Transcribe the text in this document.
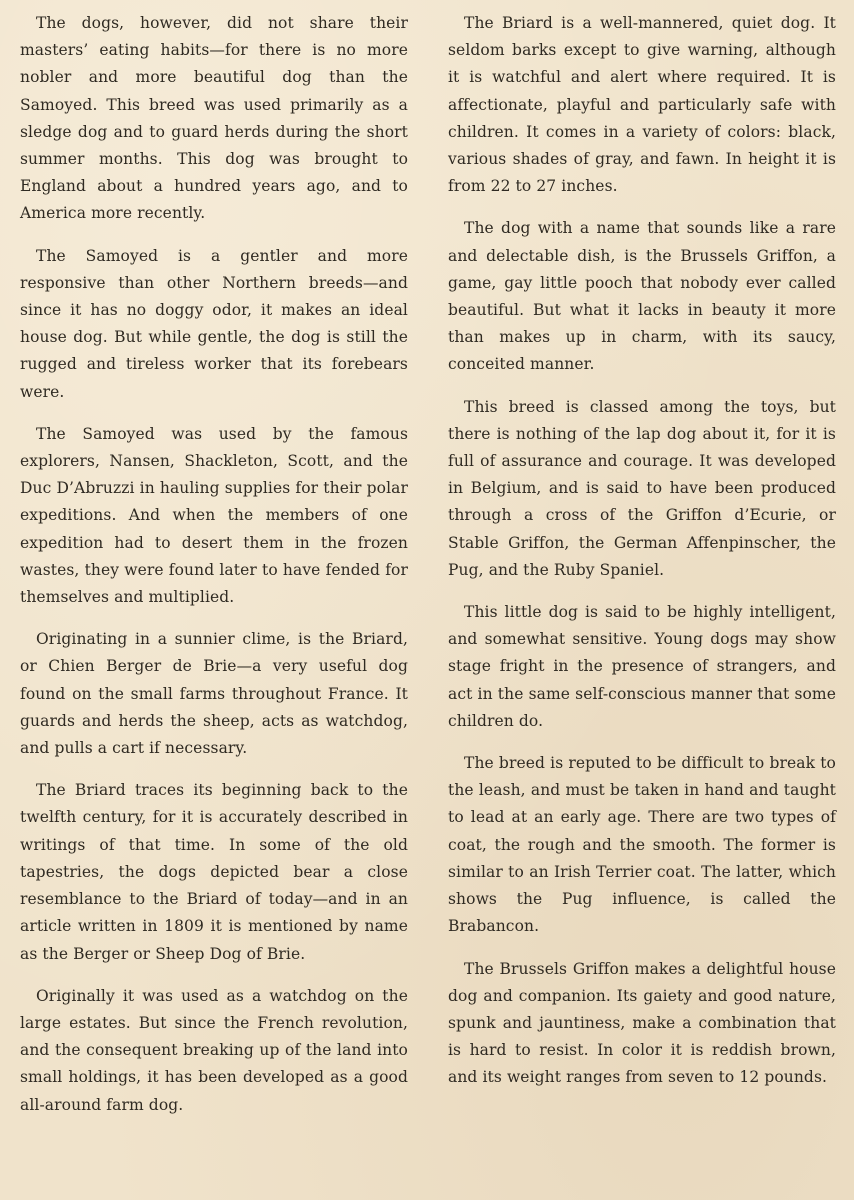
The dogs, however, did not share their masters’ eating habits—for there is no more nobler and more beautiful dog than the Samoyed. This breed was used primarily as a sledge dog and to guard herds during the short summer months. This dog was brought to England about a hundred years ago, and to America more recently.

The Samoyed is a gentler and more responsive than other Northern breeds—and since it has no doggy odor, it makes an ideal house dog. But while gentle, the dog is still the rugged and tireless worker that its forebears were.

The Samoyed was used by the famous explorers, Nansen, Shackleton, Scott, and the Duc D’Abruzzi in hauling supplies for their polar expeditions. And when the members of one expedition had to desert them in the frozen wastes, they were found later to have fended for themselves and multiplied.

Originating in a sunnier clime, is the Briard, or Chien Berger de Brie—a very useful dog found on the small farms throughout France. It guards and herds the sheep, acts as watchdog, and pulls a cart if necessary.

The Briard traces its beginning back to the twelfth century, for it is accurately described in writings of that time. In some of the old tapestries, the dogs depicted bear a close resemblance to the Briard of today—and in an article written in 1809 it is mentioned by name as the Berger or Sheep Dog of Brie.

Originally it was used as a watchdog on the large estates. But since the French revolution, and the consequent breaking up of the land into small holdings, it has been developed as a good all-around farm dog.

The Briard is a well-mannered, quiet dog. It seldom barks except to give warning, although it is watchful and alert where required. It is affectionate, playful and particularly safe with children. It comes in a variety of colors: black, various shades of gray, and fawn. In height it is from 22 to 27 inches.

The dog with a name that sounds like a rare and delectable dish, is the Brussels Griffon, a game, gay little pooch that nobody ever called beautiful. But what it lacks in beauty it more than makes up in charm, with its saucy, conceited manner.

This breed is classed among the toys, but there is nothing of the lap dog about it, for it is full of assurance and courage. It was developed in Belgium, and is said to have been produced through a cross of the Griffon d’Ecurie, or Stable Griffon, the German Affenpinscher, the Pug, and the Ruby Spaniel.

This little dog is said to be highly intelligent, and somewhat sensitive. Young dogs may show stage fright in the presence of strangers, and act in the same self-conscious manner that some children do.

The breed is reputed to be difficult to break to the leash, and must be taken in hand and taught to lead at an early age. There are two types of coat, the rough and the smooth. The former is similar to an Irish Terrier coat. The latter, which shows the Pug influence, is called the Brabancon.

The Brussels Griffon makes a delightful house dog and companion. Its gaiety and good nature, spunk and jauntiness, make a combination that is hard to resist. In color it is reddish brown, and its weight ranges from seven to 12 pounds.
